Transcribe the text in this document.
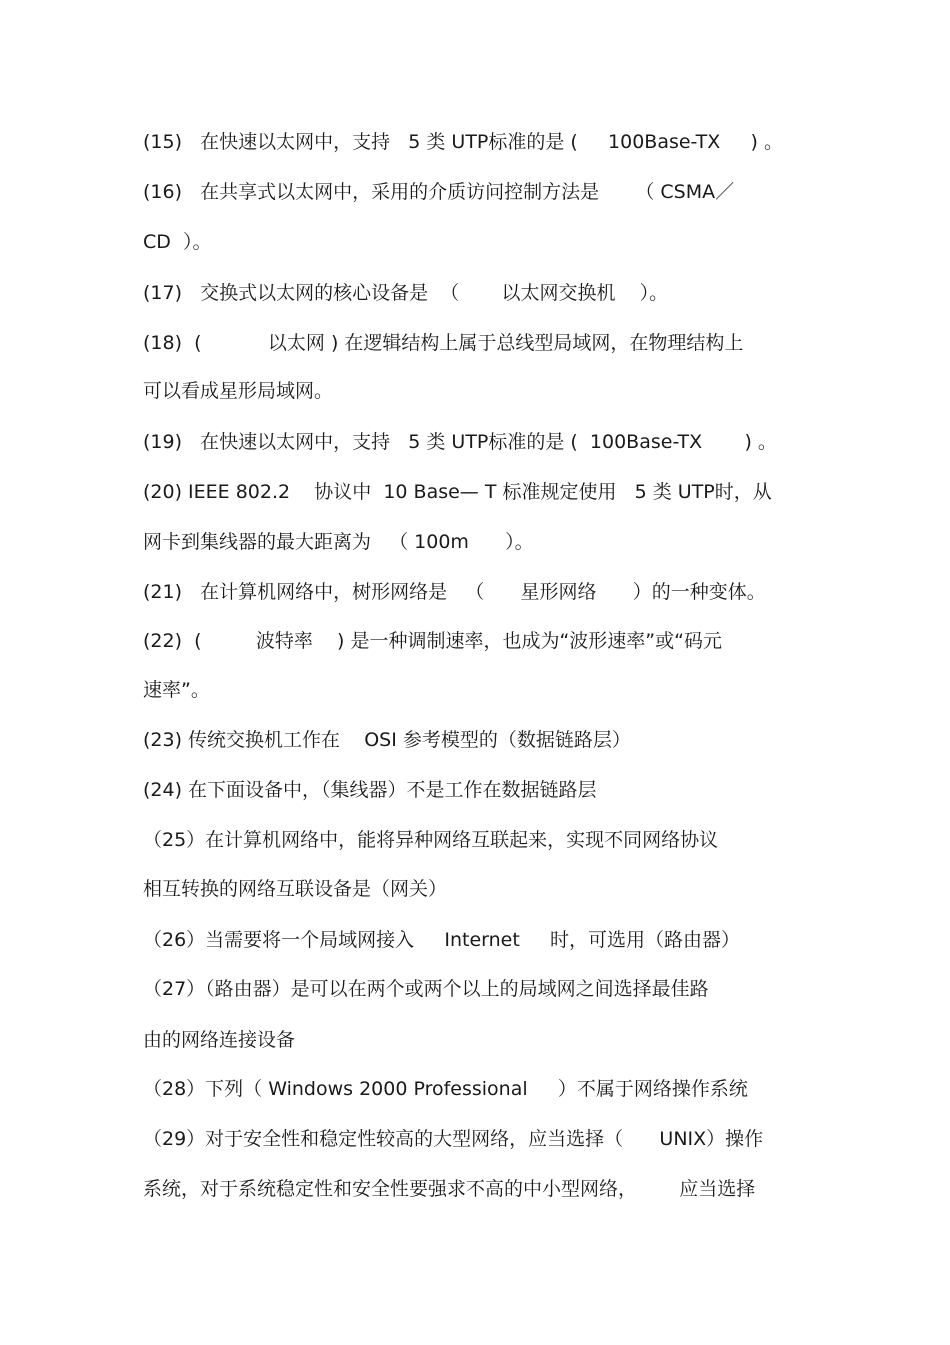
(15)   在快速以太网中，支持   5 类 UTP标准的是 (     100Base-TX     ) 。
(16)   在共享式以太网中，采用的介质访问控制方法是      （ CSMA／
CD  ）。
(17)   交换式以太网的核心设备是  （       以太网交换机    ）。
(18)  (           以太网 ) 在逻辑结构上属于总线型局域网，在物理结构上
可以看成星形局域网。
(19)   在快速以太网中，支持   5 类 UTP标准的是 (  100Base-TX       ) 。
(20) IEEE 802.2    协议中  10 Base— T 标准规定使用   5 类 UTP时，从
网卡到集线器的最大距离为   （ 100m      ）。
(21)   在计算机网络中，树形网络是   （      星形网络      ）的一种变体。
(22)  (         波特率    ) 是一种调制速率，也成为“波形速率”或“码元
速率”。
(23) 传统交换机工作在    OSI 参考模型的（数据链路层）
(24) 在下面设备中，（集线器）不是工作在数据链路层
（25）在计算机网络中，能将异种网络互联起来，实现不同网络协议
相互转换的网络互联设备是（网关）
（26）当需要将一个局域网接入     Internet     时，可选用（路由器）
（27）（路由器）是可以在两个或两个以上的局域网之间选择最佳路
由的网络连接设备
（28）下列（ Windows 2000 Professional     ）不属于网络操作系统
（29）对于安全性和稳定性较高的大型网络，应当选择（      UNIX）操作
系统，对于系统稳定性和安全性要强求不高的中小型网络，       应当选择
